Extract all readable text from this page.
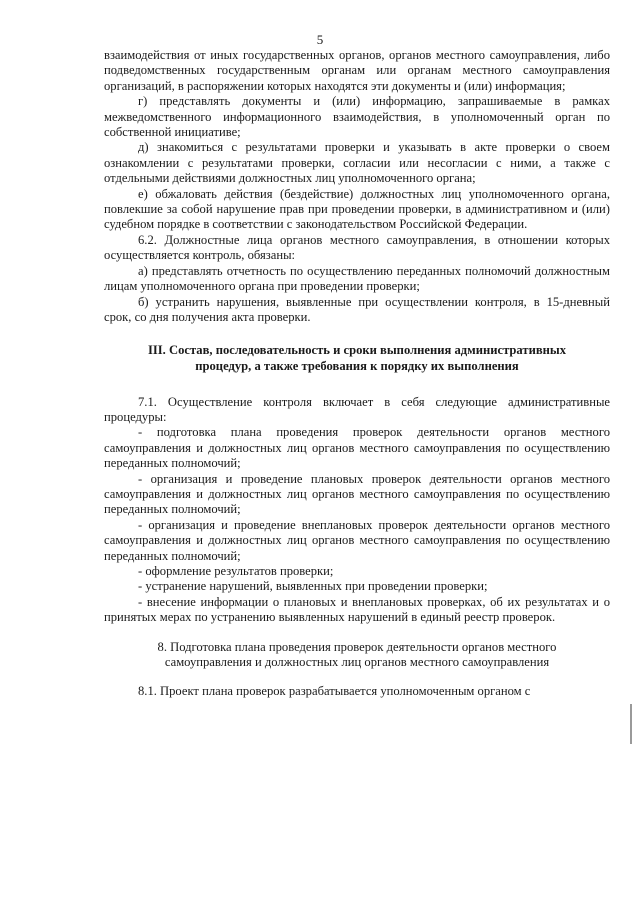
5

взаимодействия от иных государственных органов, органов местного самоуправления, либо подведомственных государственным органам или органам местного самоуправления организаций, в распоряжении которых находятся эти документы и (или) информация;

г) представлять документы и (или) информацию, запрашиваемые в рамках межведомственного информационного взаимодействия, в уполномоченный орган по собственной инициативе;

д) знакомиться с результатами проверки и указывать в акте проверки о своем ознакомлении с результатами проверки, согласии или несогласии с ними, а также с отдельными действиями должностных лиц уполномоченного органа;

е) обжаловать действия (бездействие) должностных лиц уполномоченного органа, повлекшие за собой нарушение прав при проведении проверки, в административном и (или) судебном порядке в соответствии с законодательством Российской Федерации.

6.2. Должностные лица органов местного самоуправления, в отношении которых осуществляется контроль, обязаны:

а) представлять отчетность по осуществлению переданных полномочий должностным лицам уполномоченного органа при проведении проверки;

б) устранить нарушения, выявленные при осуществлении контроля, в 15-дневный срок, со дня получения акта проверки.

III. Состав, последовательность и сроки выполнения административных
процедур, а также требования к порядку их выполнения

7.1. Осуществление контроля включает в себя следующие административные процедуры:

- подготовка плана проведения проверок деятельности органов местного самоуправления и должностных лиц органов местного самоуправления по осуществлению переданных полномочий;

- организация и проведение плановых проверок деятельности органов местного самоуправления и должностных лиц органов местного самоуправления по осуществлению переданных полномочий;

- организация и проведение внеплановых проверок деятельности органов местного самоуправления и должностных лиц органов местного самоуправления по осуществлению переданных полномочий;

- оформление результатов проверки;

- устранение нарушений, выявленных при проведении проверки;

- внесение информации о плановых и внеплановых проверках, об их результатах и о принятых мерах по устранению выявленных нарушений в единый реестр проверок.

8. Подготовка плана проведения проверок деятельности органов местного
самоуправления и должностных лиц органов местного самоуправления

8.1. Проект плана проверок разрабатывается уполномоченным органом с
